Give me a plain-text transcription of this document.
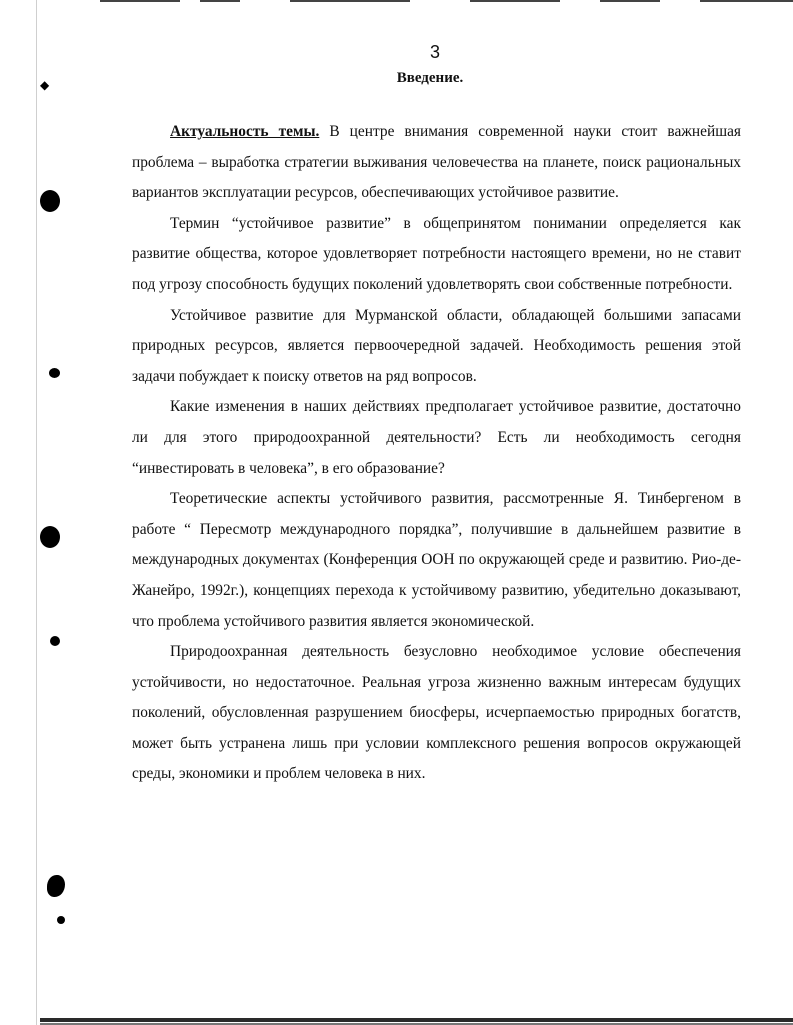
◆
3
Введение.

Актуальность темы. В центре внимания современной науки стоит важнейшая проблема – выработка стратегии выживания человечества на планете, поиск рациональных вариантов эксплуатации ресурсов, обеспечивающих устойчивое развитие.

Термин “устойчивое развитие” в общепринятом понимании определяется как развитие общества, которое удовлетворяет потребности настоящего времени, но не ставит под угрозу способность будущих поколений удовлетворять свои собственные потребности.

Устойчивое развитие для Мурманской области, обладающей большими запасами природных ресурсов, является первоочередной задачей. Необходимость решения этой задачи побуждает к поиску ответов на ряд вопросов.

Какие изменения в наших действиях предполагает устойчивое развитие, достаточно ли для этого природоохранной деятельности? Есть ли необходимость сегодня “инвестировать в человека”, в его образование?

Теоретические аспекты устойчивого развития, рассмотренные Я. Тинбергеном в работе “ Пересмотр международного порядка”, получившие в дальнейшем развитие в международных документах (Конференция ООН по окружающей среде и развитию. Рио-де-Жанейро, 1992г.), концепциях перехода к устойчивому развитию, убедительно доказывают, что проблема устойчивого развития является экономической.

Природоохранная деятельность безусловно необходимое условие обеспечения устойчивости, но недостаточное. Реальная угроза жизненно важным интересам будущих поколений, обусловленная разрушением биосферы, исчерпаемостью природных богатств, может быть устранена лишь при условии комплексного решения вопросов окружающей среды, экономики и проблем человека в них.
